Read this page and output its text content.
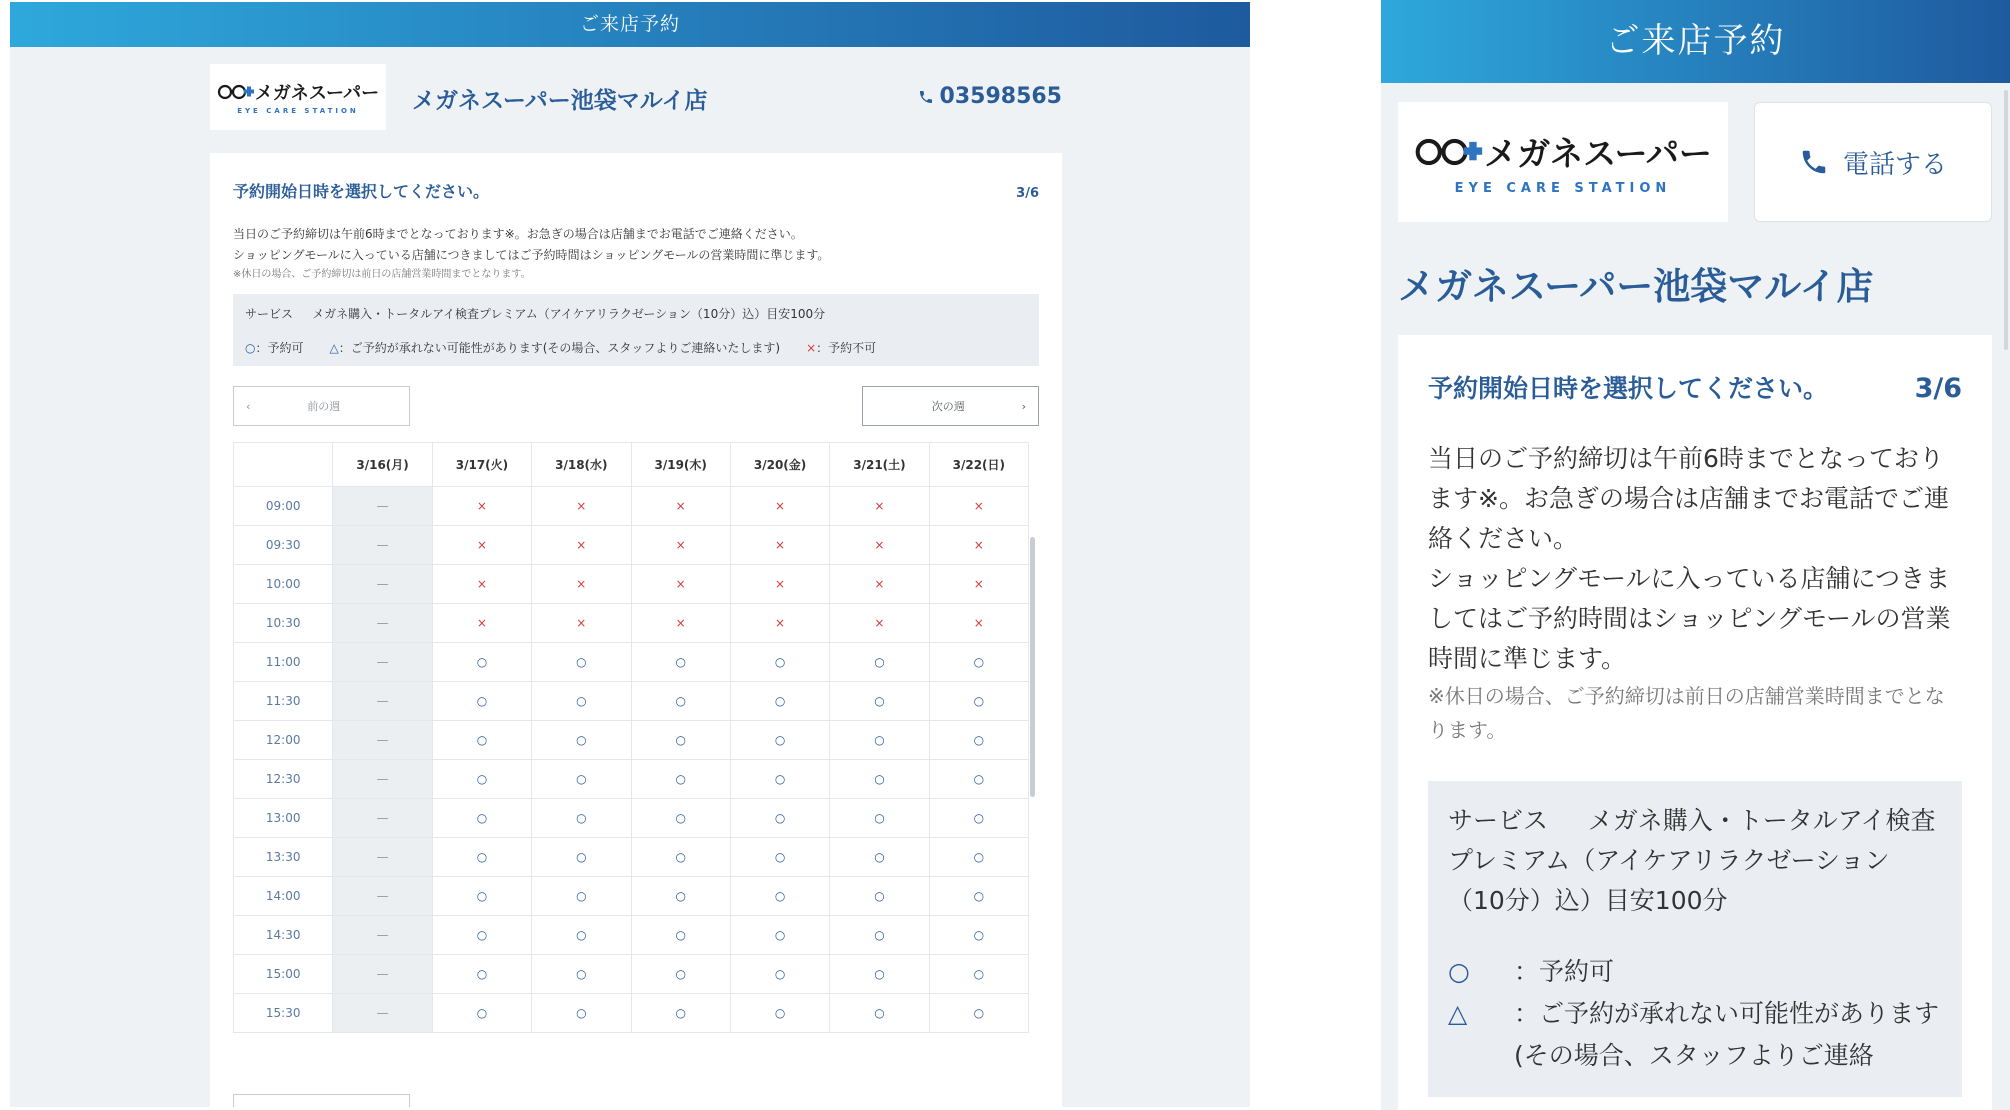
ご来店予約
メガネスーパー
EYE CARE STATION メガネスーパー池袋マルイ店	03598565
予約開始日時を選択してください。	3/6
当日のご予約締切は午前6時までとなっております※。お急ぎの場合は店舗までお電話でご連絡ください。
ショッピングモールに入っている店舗につきましてはご予約時間はショッピングモールの営業時間に準じます。
※休日の場合、ご予約締切は前日の店舗営業時間までとなります。
サービス メガネ購入・トータルアイ検査プレミアム（アイケアリラクゼーション（10分）込）目安100分
○：予約可 △：ご予約が承れない可能性があります(その場合、スタッフよりご連絡いたします) ×：予約不可
‹	前の週	次の週	›
	3/16(月)	3/17(火)	3/18(水)	3/19(木)	3/20(金)	3/21(土)	3/22(日)
09:00	—	×	×	×	×	×	×
09:30	—	×	×	×	×	×	×
10:00	—	×	×	×	×	×	×
10:30	—	×	×	×	×	×	×
11:00	—	○	○	○	○	○	○
11:30	—	○	○	○	○	○	○
12:00	—	○	○	○	○	○	○
12:30	—	○	○	○	○	○	○
13:00	—	○	○	○	○	○	○
13:30	—	○	○	○	○	○	○
14:00	—	○	○	○	○	○	○
14:30	—	○	○	○	○	○	○
15:00	—	○	○	○	○	○	○
15:30	—	○	○	○	○	○	○
ご来店予約
メガネスーパー
EYE CARE STATION
電話する
メガネスーパー池袋マルイ店
予約開始日時を選択してください。	3/6
当日のご予約締切は午前6時までとなっております※。お急ぎの場合は店舗までお電話でご連絡ください。
ショッピングモールに入っている店舗につきましてはご予約時間はショッピングモールの営業時間に準じます。
※休日の場合、ご予約締切は前日の店舗営業時間までとなります。
サービス メガネ購入・トータルアイ検査プレミアム（アイケアリラクゼーション（10分）込）目安100分
○	：予約可
△	：ご予約が承れない可能性があります(その場合、スタッフよりご連絡
